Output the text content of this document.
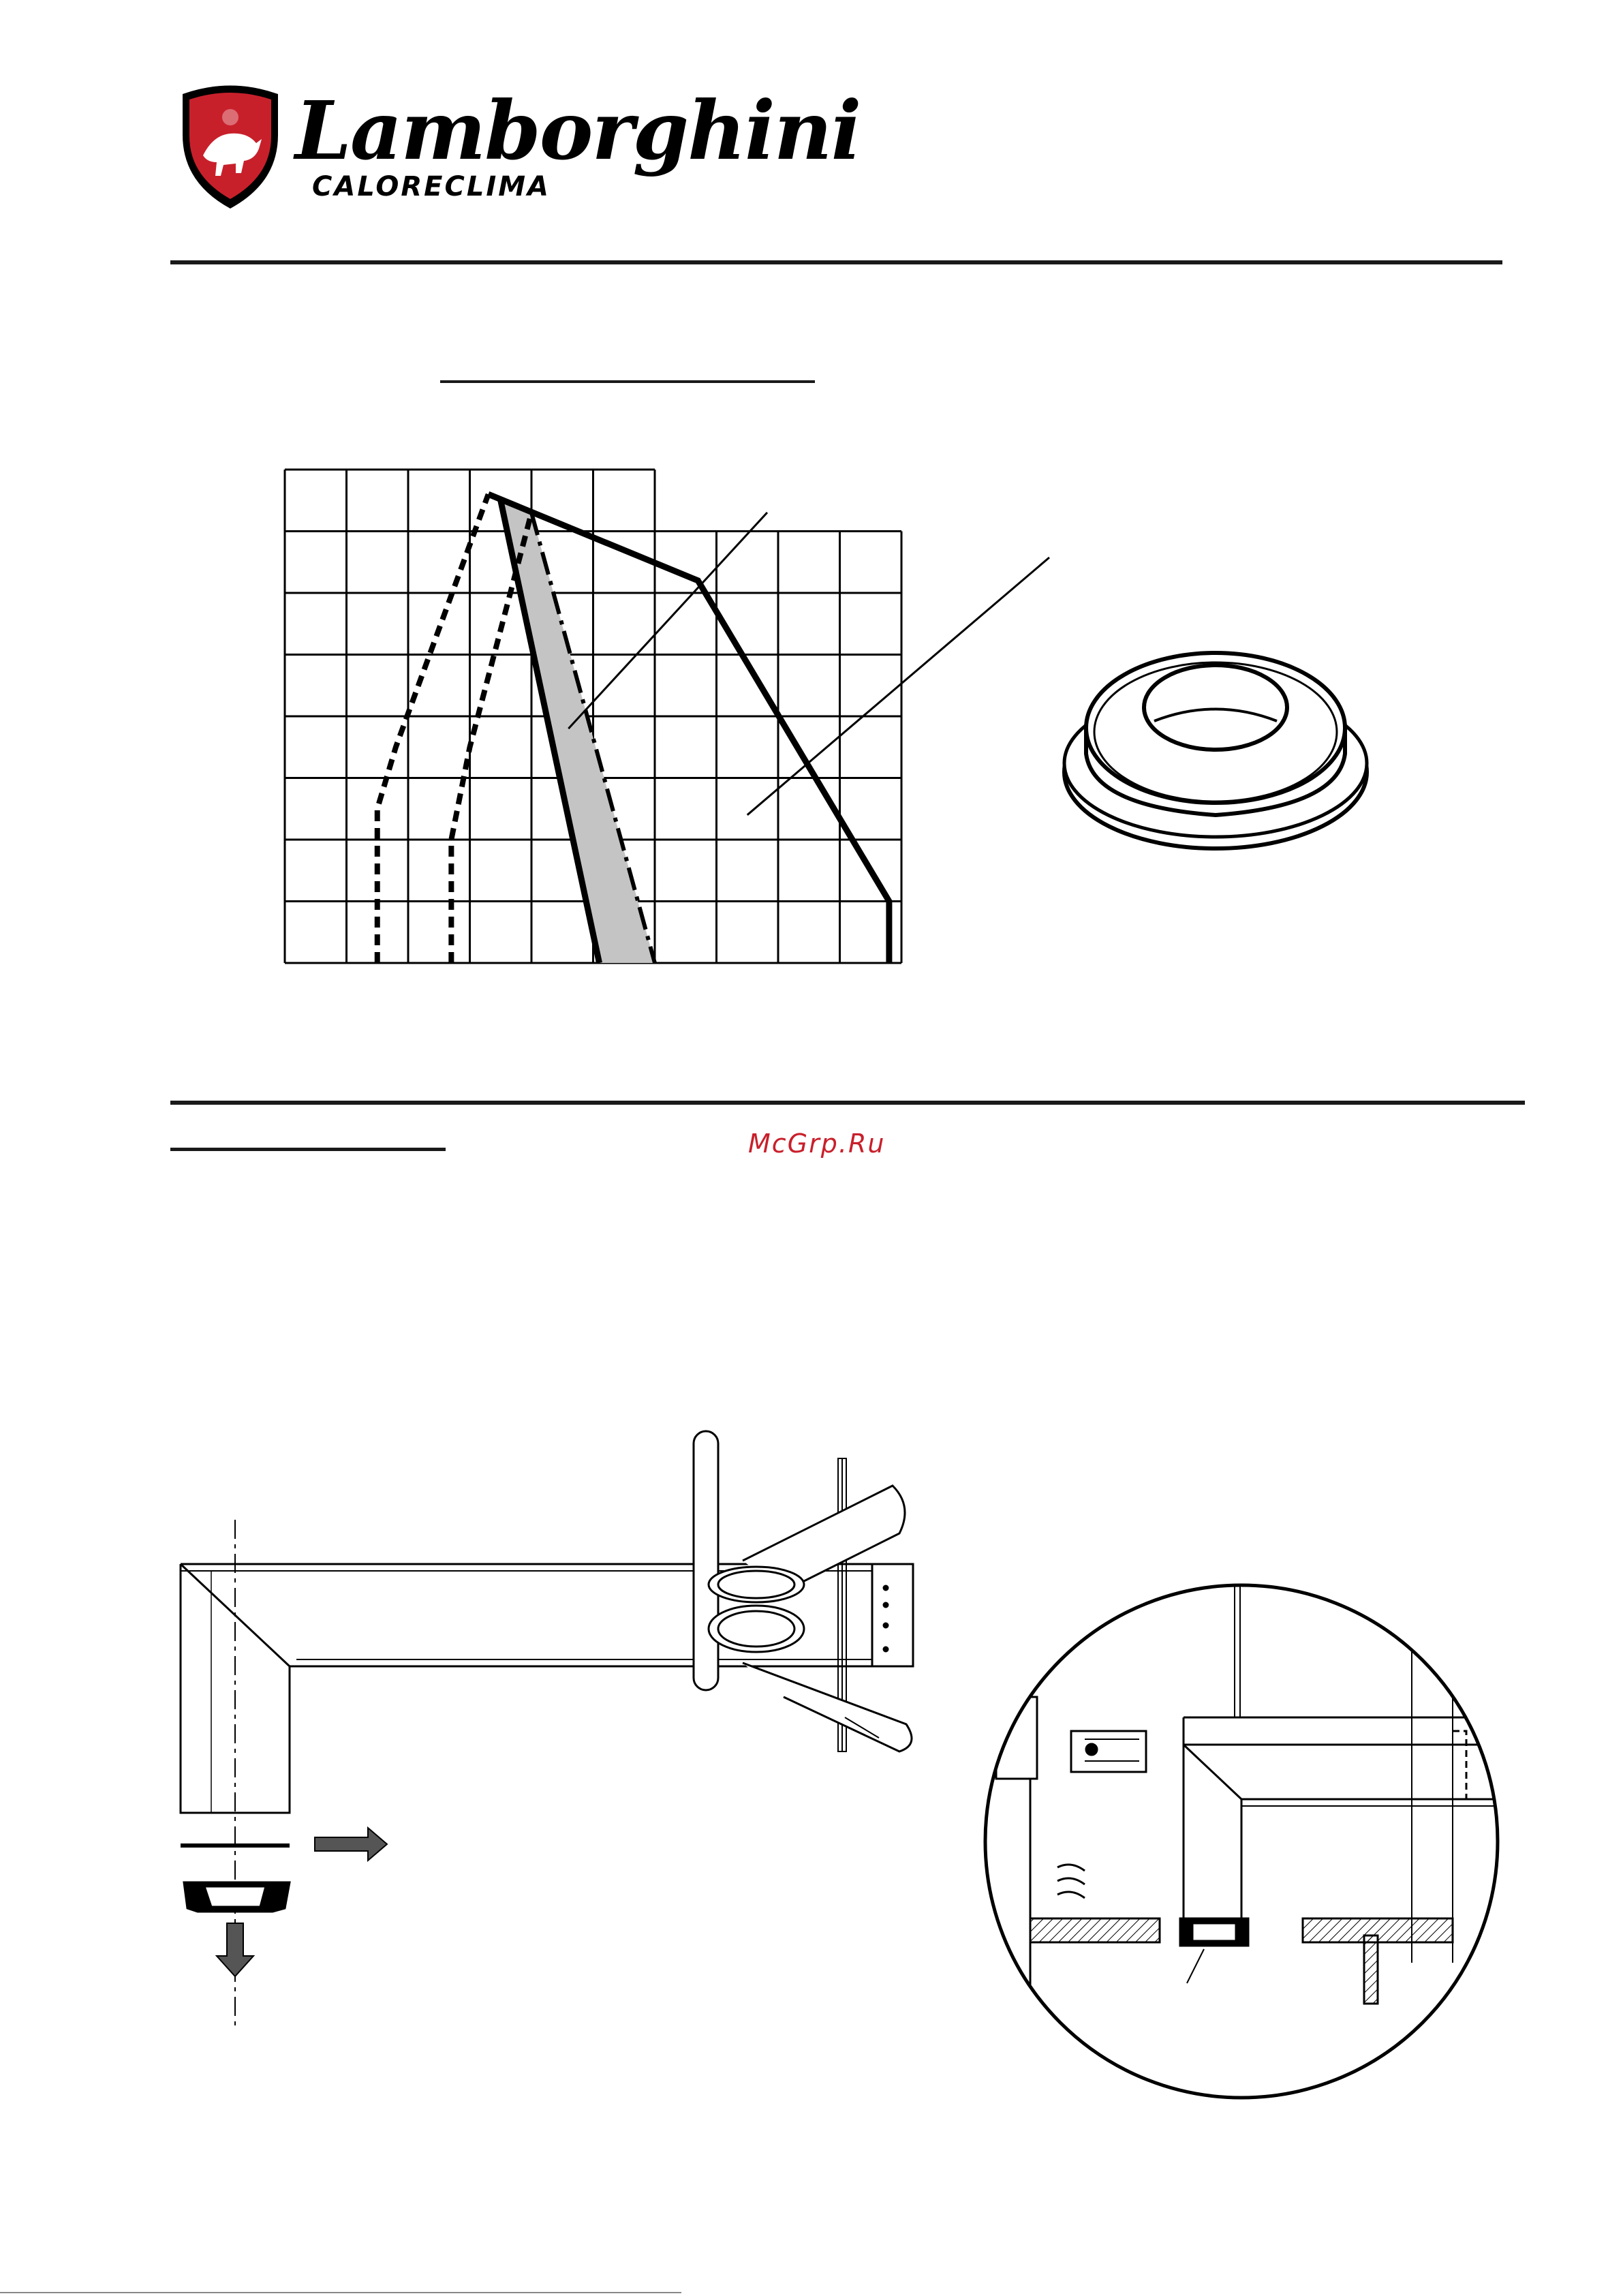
Lamborghini
CALORECLIMA
McGrp.Ru
